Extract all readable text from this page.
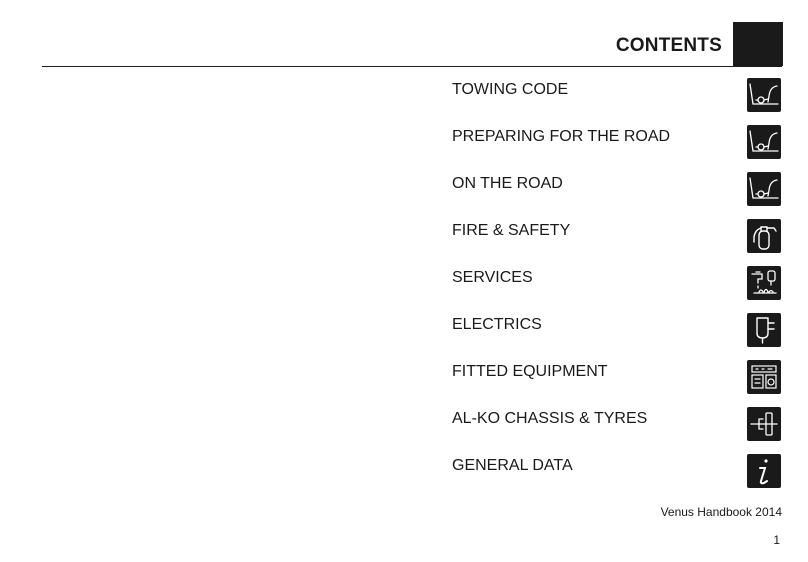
CONTENTS
TOWING CODE
PREPARING FOR THE ROAD
ON THE ROAD
FIRE & SAFETY
SERVICES
ELECTRICS
FITTED EQUIPMENT
AL-KO CHASSIS & TYRES
GENERAL DATA
Venus Handbook 2014
1
